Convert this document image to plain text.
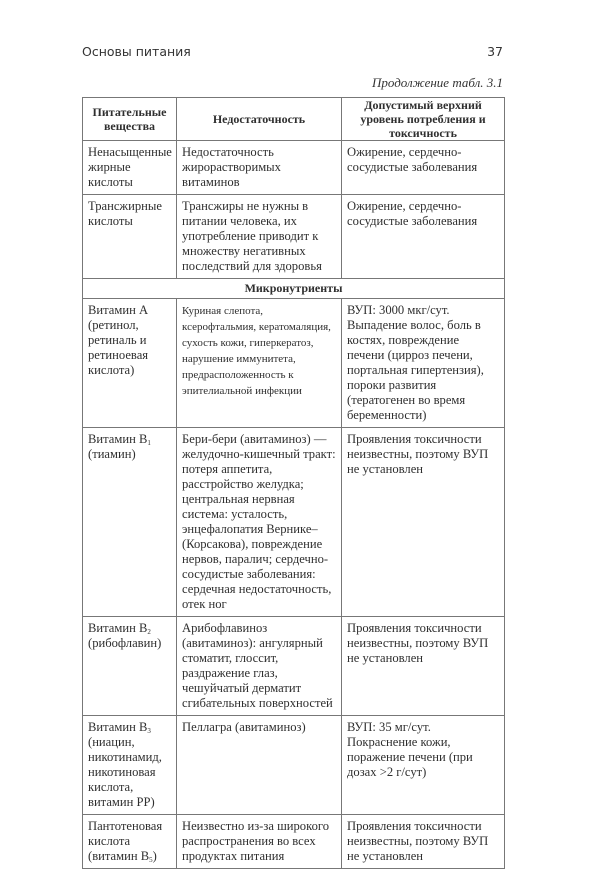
Основы питания	37
Продолжение табл. 3.1
Питательные вещества	Недостаточность	Допустимый верхний уровень потребления и токсичность
Ненасыщенные жирные кислоты	Недостаточность жирорастворимых витаминов	Ожирение, сердечно-сосудистые заболевания
Трансжирные кислоты	Трансжиры не нужны в питании человека, их употребление приводит к множеству негативных последствий для здоровья	Ожирение, сердечно-сосудистые заболевания
Микронутриенты		
Витамин A (ретинол, ретиналь и ретиноевая кислота)	Куриная слепота, ксерофтальмия, кератомаляция, сухость кожи, гиперкератоз, нарушение иммунитета, предрасположенность к эпителиальной инфекции	ВУП: 3000 мкг/сут. Выпадение волос, боль в костях, повреждение печени (цирроз печени, портальная гипертензия), пороки развития (тератогенен во время беременности)
Витамин $B_1$ (тиамин)	Бери-бери (авитаминоз) — желудочно-кишечный тракт: потеря аппетита, расстройство желудка; центральная нервная система: усталость, энцефалопатия Вернике–(Корсакова), повреждение нервов, паралич; сердечно-сосудистые заболевания: сердечная недостаточность, отек ног	Проявления токсичности неизвестны, поэтому ВУП не установлен
Витамин $B_2$ (рибофлавин)	Арибофлавиноз (авитаминоз): ангулярный стоматит, глоссит, раздражение глаз, чешуйчатый дерматит сгибательных поверхностей	Проявления токсичности неизвестны, поэтому ВУП не установлен
Витамин $B_3$ (ниацин, никотинамид, никотиновая кислота, витамин PP)	Пеллагра (авитаминоз)	ВУП: 35 мг/сут. Покраснение кожи, поражение печени (при дозах >2 г/сут)
Пантотеновая кислота (витамин $B_5$)	Неизвестно из-за широкого распространения во всех продуктах питания	Проявления токсичности неизвестны, поэтому ВУП не установлен
